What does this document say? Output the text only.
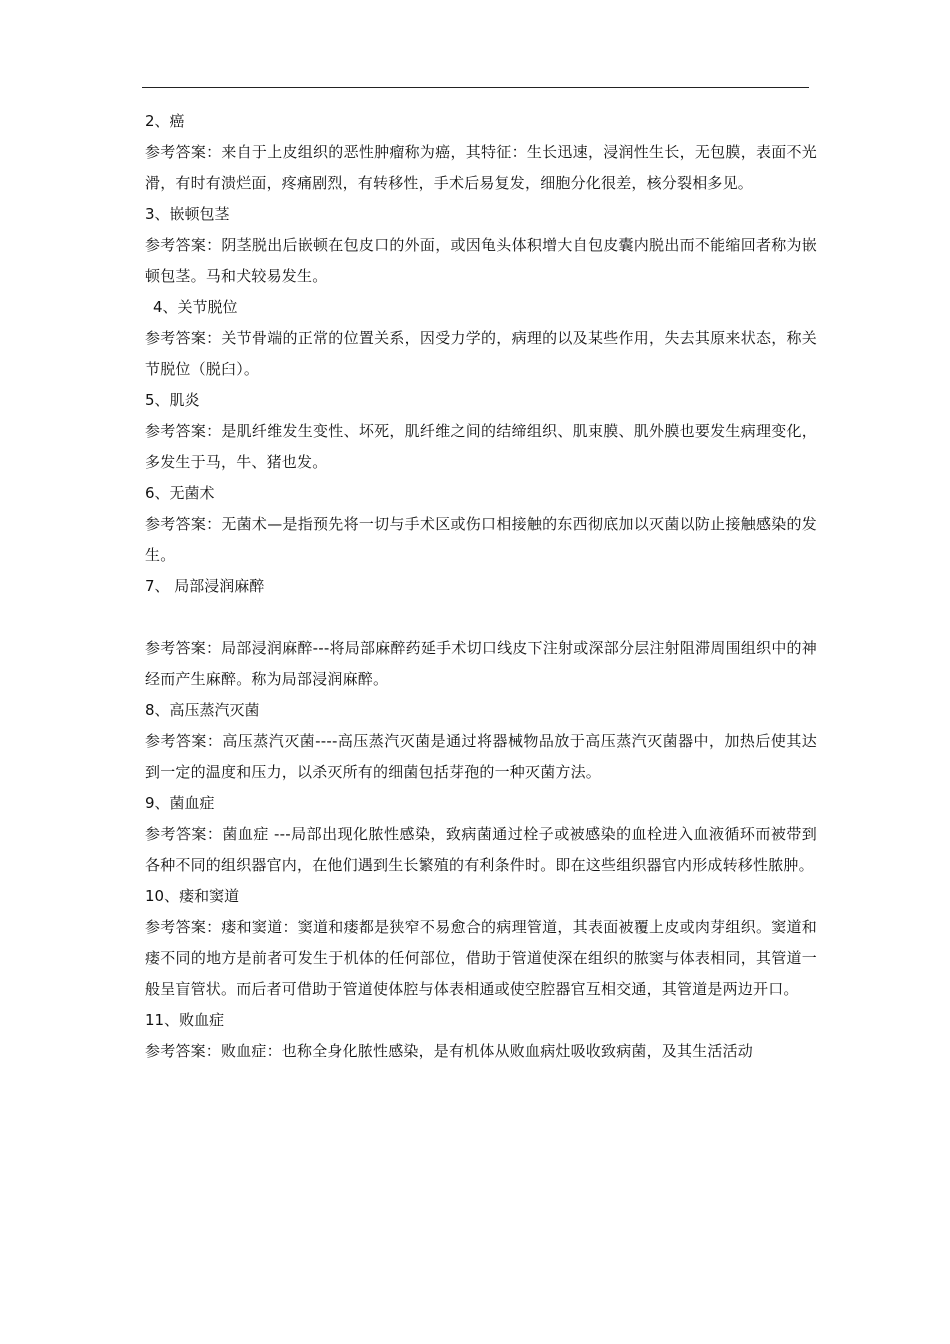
2、癌
参考答案：来自于上皮组织的恶性肿瘤称为癌，其特征：生长迅速，浸润性生长，无包膜，表面不光滑，有时有溃烂面，疼痛剧烈，有转移性，手术后易复发，细胞分化很差，核分裂相多见。
3、嵌顿包茎
参考答案：阴茎脱出后嵌顿在包皮口的外面，或因龟头体积增大自包皮囊内脱出而不能缩回者称为嵌顿包茎。马和犬较易发生。
4、关节脱位
参考答案：关节骨端的正常的位置关系，因受力学的，病理的以及某些作用，失去其原来状态，称关节脱位（脱臼）。
5、肌炎
参考答案：是肌纤维发生变性、坏死，肌纤维之间的结缔组织、肌束膜、肌外膜也要发生病理变化，多发生于马，牛、猪也发。
6、无菌术
参考答案：无菌术—是指预先将一切与手术区或伤口相接触的东西彻底加以灭菌以防止接触感染的发生。
7、 局部浸润麻醉
参考答案：局部浸润麻醉---将局部麻醉药延手术切口线皮下注射或深部分层注射阻滞周围组织中的神经而产生麻醉。称为局部浸润麻醉。
8、高压蒸汽灭菌
参考答案：高压蒸汽灭菌----高压蒸汽灭菌是通过将器械物品放于高压蒸汽灭菌器中，加热后使其达到一定的温度和压力，以杀灭所有的细菌包括芽孢的一种灭菌方法。
9、菌血症
参考答案：菌血症 ---局部出现化脓性感染，致病菌通过栓子或被感染的血栓进入血液循环而被带到各种不同的组织器官内，在他们遇到生长繁殖的有利条件时。即在这些组织器官内形成转移性脓肿。
10、瘘和窦道
参考答案：瘘和窦道：窦道和瘘都是狭窄不易愈合的病理管道，其表面被覆上皮或肉芽组织。窦道和瘘不同的地方是前者可发生于机体的任何部位，借助于管道使深在组织的脓窦与体表相同，其管道一般呈盲管状。而后者可借助于管道使体腔与体表相通或使空腔器官互相交通，其管道是两边开口。
11、败血症
参考答案：败血症：也称全身化脓性感染，是有机体从败血病灶吸收致病菌，及其生活活动
